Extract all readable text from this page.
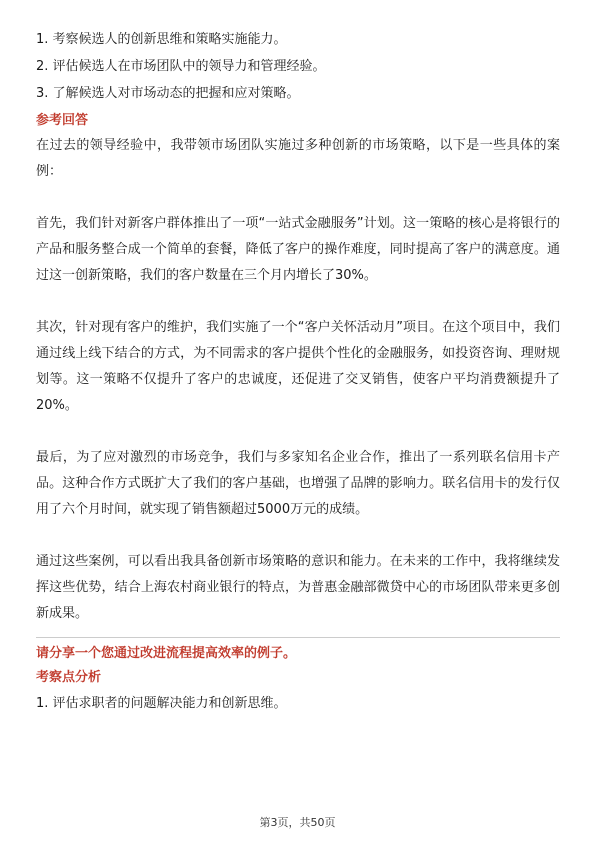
1. 考察候选人的创新思维和策略实施能力。

2. 评估候选人在市场团队中的领导力和管理经验。

3. 了解候选人对市场动态的把握和应对策略。

参考回答

在过去的领导经验中，我带领市场团队实施过多种创新的市场策略，以下是一些具体的案例：

首先，我们针对新客户群体推出了一项“一站式金融服务”计划。这一策略的核心是将银行的产品和服务整合成一个简单的套餐，降低了客户的操作难度，同时提高了客户的满意度。通过这一创新策略，我们的客户数量在三个月内增长了30%。

其次，针对现有客户的维护，我们实施了一个“客户关怀活动月”项目。在这个项目中，我们通过线上线下结合的方式，为不同需求的客户提供个性化的金融服务，如投资咨询、理财规划等。这一策略不仅提升了客户的忠诚度，还促进了交叉销售，使客户平均消费额提升了20%。

最后，为了应对激烈的市场竞争，我们与多家知名企业合作，推出了一系列联名信用卡产品。这种合作方式既扩大了我们的客户基础，也增强了品牌的影响力。联名信用卡的发行仅用了六个月时间，就实现了销售额超过5000万元的成绩。

通过这些案例，可以看出我具备创新市场策略的意识和能力。在未来的工作中，我将继续发挥这些优势，结合上海农村商业银行的特点，为普惠金融部微贷中心的市场团队带来更多创新成果。

请分享一个您通过改进流程提高效率的例子。

考察点分析

1. 评估求职者的问题解决能力和创新思维。

第3页，共50页
